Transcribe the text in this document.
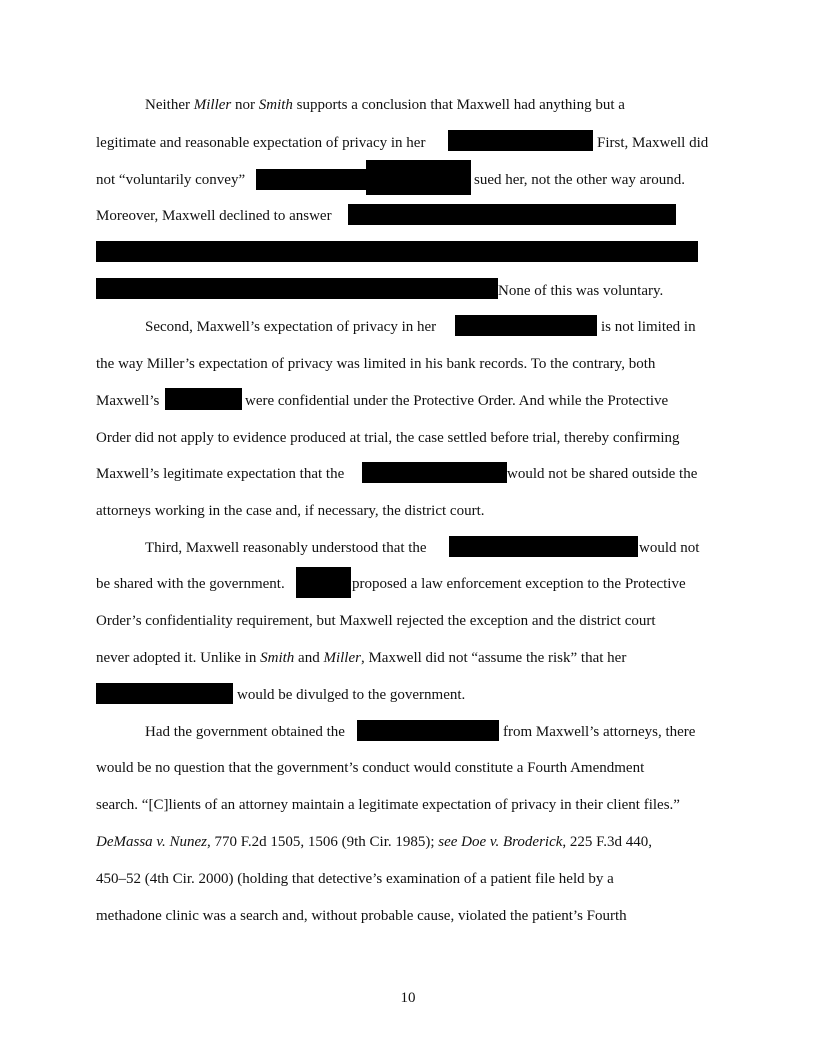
Neither Miller nor Smith supports a conclusion that Maxwell had anything but a
legitimate and reasonable expectation of privacy in her	First, Maxwell did
not “voluntarily convey”	sued her, not the other way around.
Moreover, Maxwell declined to answer
None of this was voluntary.
Second, Maxwell’s expectation of privacy in her	is not limited in
the way Miller’s expectation of privacy was limited in his bank records. To the contrary, both
Maxwell’s	were confidential under the Protective Order. And while the Protective
Order did not apply to evidence produced at trial, the case settled before trial, thereby confirming
Maxwell’s legitimate expectation that the	would not be shared outside the
attorneys working in the case and, if necessary, the district court.
Third, Maxwell reasonably understood that the	would not
be shared with the government.	proposed a law enforcement exception to the Protective
Order’s confidentiality requirement, but Maxwell rejected the exception and the district court
never adopted it. Unlike in Smith and Miller, Maxwell did not “assume the risk” that her
would be divulged to the government.
Had the government obtained the	from Maxwell’s attorneys, there
would be no question that the government’s conduct would constitute a Fourth Amendment
search. “[C]lients of an attorney maintain a legitimate expectation of privacy in their client files.”
DeMassa v. Nunez, 770 F.2d 1505, 1506 (9th Cir. 1985); see Doe v. Broderick, 225 F.3d 440,
450–52 (4th Cir. 2000) (holding that detective’s examination of a patient file held by a
methadone clinic was a search and, without probable cause, violated the patient’s Fourth
10
